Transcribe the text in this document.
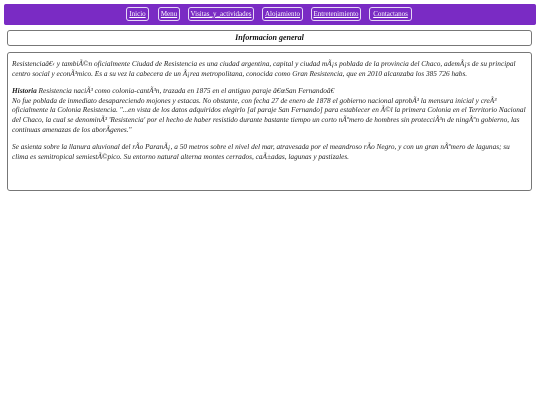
Inicio	Menu	Visitas_y_actividades	Alojamiento	Entretenimiento	Contactanos
Informacion general

Resistenciaâ€‹ y tambiÃ©n oficialmente Ciudad de Resistencia es una ciudad argentina, capital y ciudad mÃ¡s poblada de la provincia del Chaco, ademÃ¡s de su principal centro social y econÃ³mico. Es a su vez la cabecera de un Ã¡rea metropolitana, conocida como Gran Resistencia, que en 2010 alcanzaba los 385 726 habs.

Historia Resistencia naciÃ³ como colonia-cantÃ³n, trazada en 1875 en el antiguo paraje â€œSan Fernandoâ€
No fue poblada de inmediato desapareciendo mojones y estacas. No obstante, con fecha 27 de enero de 1878 el gobierno nacional aprobÃ³ la mensura inicial y creÃ³ oficialmente la Colonia Resistencia. "...en vista de los datos adquiridos elegirlo [al paraje San Fernando] para establecer en Ã©l la primera Colonia en el Territorio Nacional del Chaco, la cual se denominÃ³ 'Resistencia' por el hecho de haber resistido durante bastante tiempo un corto nÃºmero de hombres sin protecciÃ³n de ningÃºn gobierno, las continuas amenazas de los aborÃgenes."

Se asienta sobre la llanura aluvional del rÃo ParanÃ¡, a 50 metros sobre el nivel del mar, atravesada por el meandroso rÃo Negro, y con un gran nÃºmero de lagunas; su clima es semitropical semiestÃ©pico. Su entorno natural alterna montes cerrados, caÃ±adas, lagunas y pastizales.
